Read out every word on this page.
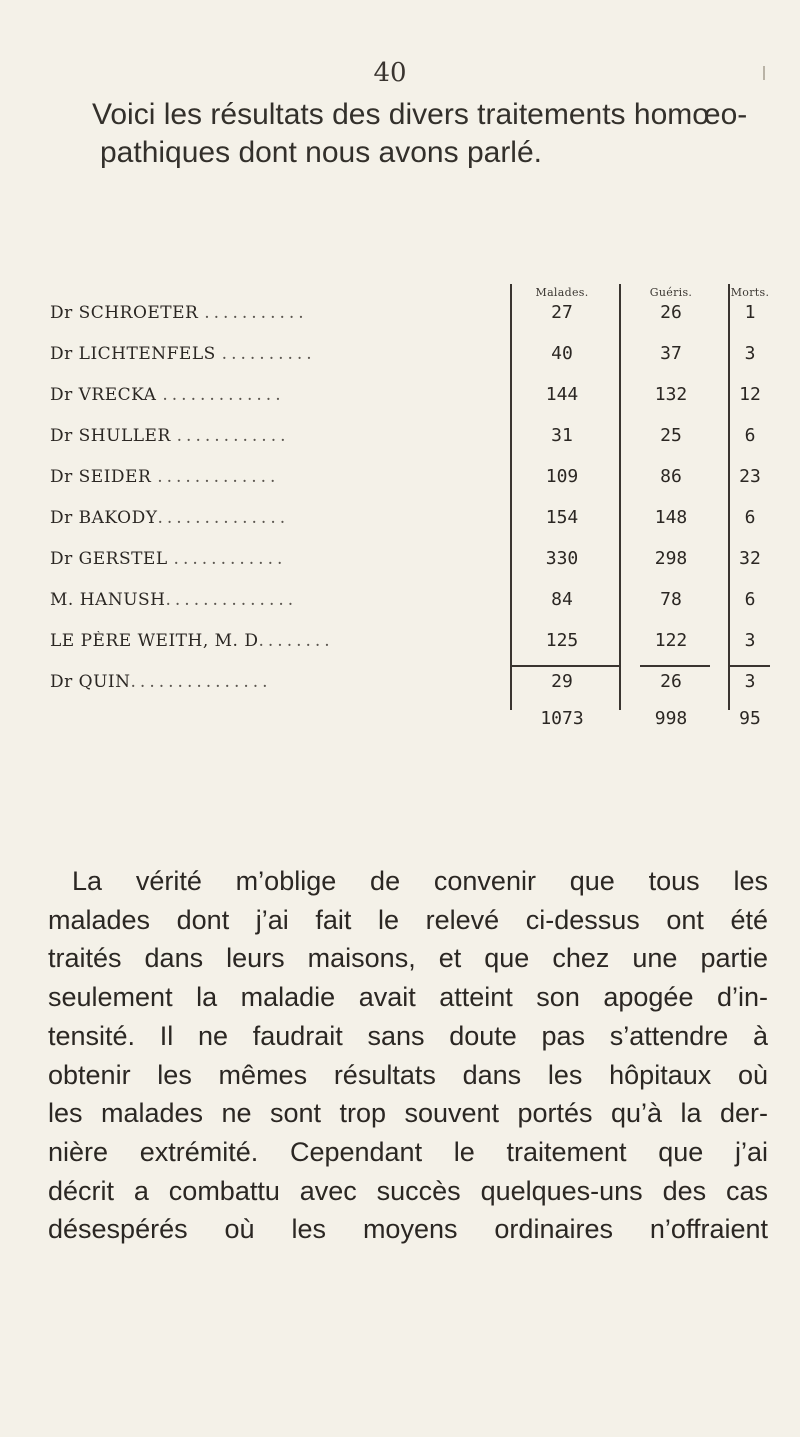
40
Voici les résultats des divers traitements homœo-
pathiques dont nous avons parlé.
Malades.	Guéris.	Morts.
Dr SCHROETER ...........	27	26	1
Dr LICHTENFELS ..........	40	37	3
Dr VRECKA .............	144	132	12
Dr SHULLER ............	31	25	6
Dr SEIDER .............	109	86	23
Dr BAKODY..............	154	148	6
Dr GERSTEL ............	330	298	32
M. HANUSH..............	84	78	6
LE PÈRE WEITH, M. D........	125	122	3
Dr QUIN...............	29	26	3
1073	998	95

La vérité m’oblige de convenir que tous les

malades dont j’ai fait le relevé ci-dessus ont été

traités dans leurs maisons, et que chez une partie

seulement la maladie avait atteint son apogée d’in-

tensité. Il ne faudrait sans doute pas s’attendre à

obtenir les mêmes résultats dans les hôpitaux où

les malades ne sont trop souvent portés qu’à la der-

nière extrémité. Cependant le traitement que j’ai

décrit a combattu avec succès quelques-uns des cas

désespérés où les moyens ordinaires n’offraient
